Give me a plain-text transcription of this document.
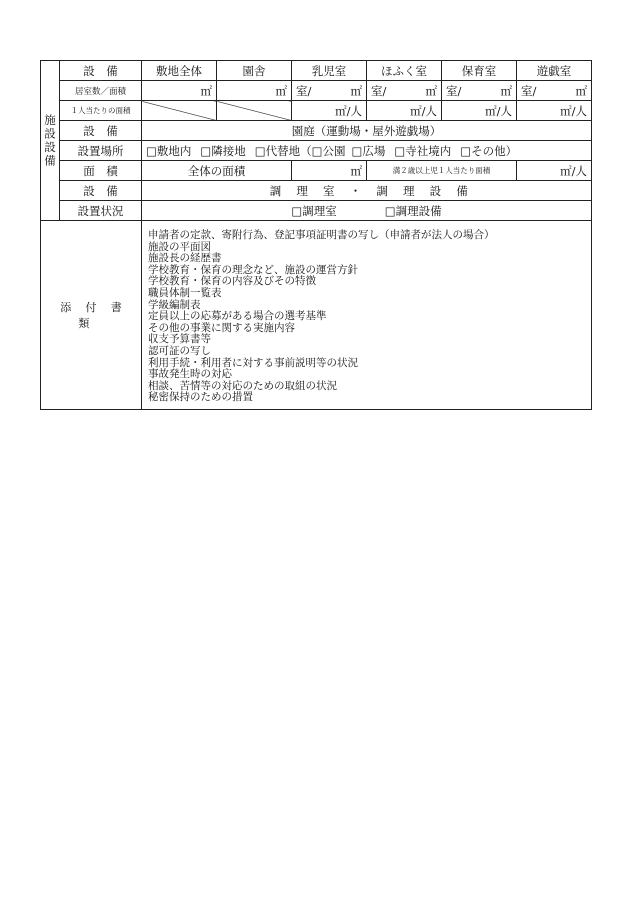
施設設備	設　備	敷地全体	園舎	乳児室	ほふく室	保育室	遊戯室
	居室数／面積	㎡	㎡	室/ ㎡	室/ ㎡	室/ ㎡	室/ ㎡

	１人当たりの面積			㎡/人	㎡/人	㎡/人	㎡/人
	設　備	園庭（運動場・屋外遊戯場）					
	設置場所	□敷地内 □隣接地 □代替地（□公園 □広場 □寺社境内 □その他）					
	面　積	全体の面積		㎡	満２歳以上児１人当たり面積		㎡/人
	設　備	調 理 室 ・ 調 理 設 備					
	設置状況	□調理室 □調理設備					
添付書類	
申請者の定款、寄附行為、登記事項証明書の写し（申請者が法人の場合）
施設の平面図
施設長の経歴書
学校教育・保育の理念など、施設の運営方針
学校教育・保育の内容及びその特徴
職員体制一覧表
学級編制表
定員以上の応募がある場合の選考基準
その他の事業に関する実施内容
収支予算書等
認可証の写し
利用手続・利用者に対する事前説明等の状況
事故発生時の対応
相談、苦情等の対応のための取組の状況
秘密保持のための措置
